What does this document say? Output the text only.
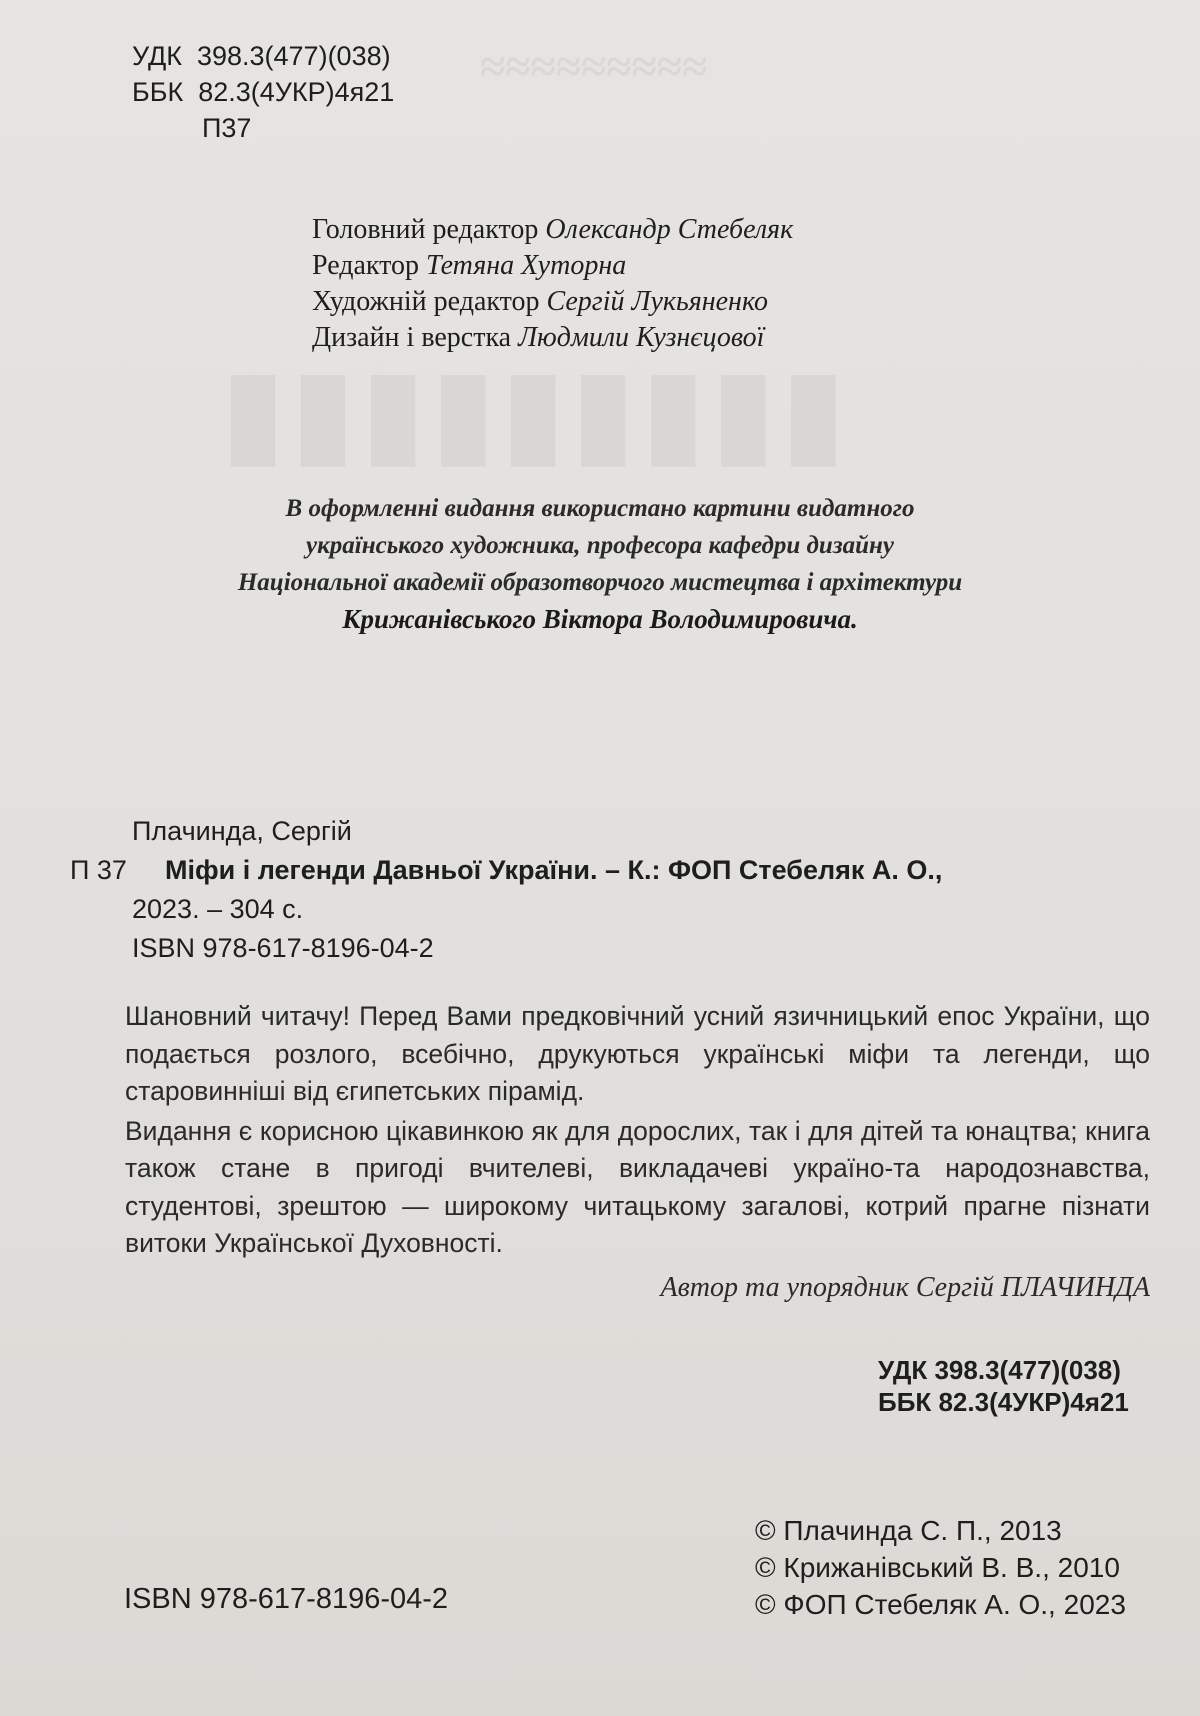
≈≈≈≈≈≈≈≈≈
▮▮▮▮▮▮▮▮▮
УДК 398.3(477)(038)
ББК 82.3(4УКР)4я21
П37
Головний редактор Олександр Стебеляк
Редактор Тетяна Хуторна
Художній редактор Сергій Лукьяненко
Дизайн і верстка Людмили Кузнєцової
В оформленні видання використано картини видатного
українського художника, професора кафедри дизайну
Національної академії образотворчого мистецтва і архітектури
Крижанівського Віктора Володимировича.
Плачинда, Сергій
П 37	Міфи і легенди Давньої України. – К.: ФОП Стебеляк А. О.,
2023. – 304 с.
ISBN 978-617-8196-04-2

Шановний читачу! Перед Вами предковічний усний язичницький епос України, що подається розлого, всебічно, друкуються українські міфи та легенди, що старовинніші від єгипетських пірамід.

Видання є корисною цікавинкою як для дорослих, так і для дітей та юнацтва; книга також стане в пригоді вчителеві, викладачеві україно-та народознавства, студентові, зрештою — широкому читацькому загалові, котрий прагне пізнати витоки Української Духовності.

Автор та упорядник Сергій ПЛАЧИНДА
УДК 398.3(477)(038)
ББК 82.3(4УКР)4я21
ISBN 978-617-8196-04-2
© Плачинда С. П., 2013
© Крижанівський В. В., 2010
© ФОП Стебеляк А. О., 2023
